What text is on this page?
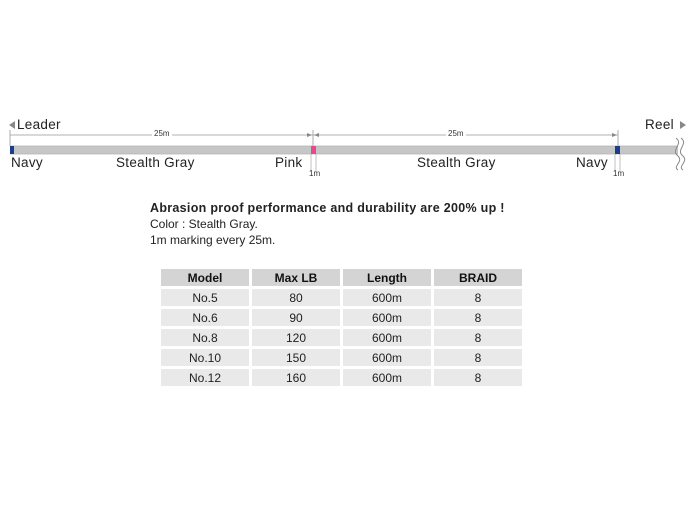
Leader	Reel
25m	25m
Navy	Stealth Gray	Pink	Stealth Gray	Navy
1m	1m
Abrasion proof performance and durability are 200% up !
Color : Stealth Gray.
1m marking every 25m.
Model	Max LB	Length	BRAID
No.5	80	600m	8
No.6	90	600m	8
No.8	120	600m	8
No.10	150	600m	8
No.12	160	600m	8
